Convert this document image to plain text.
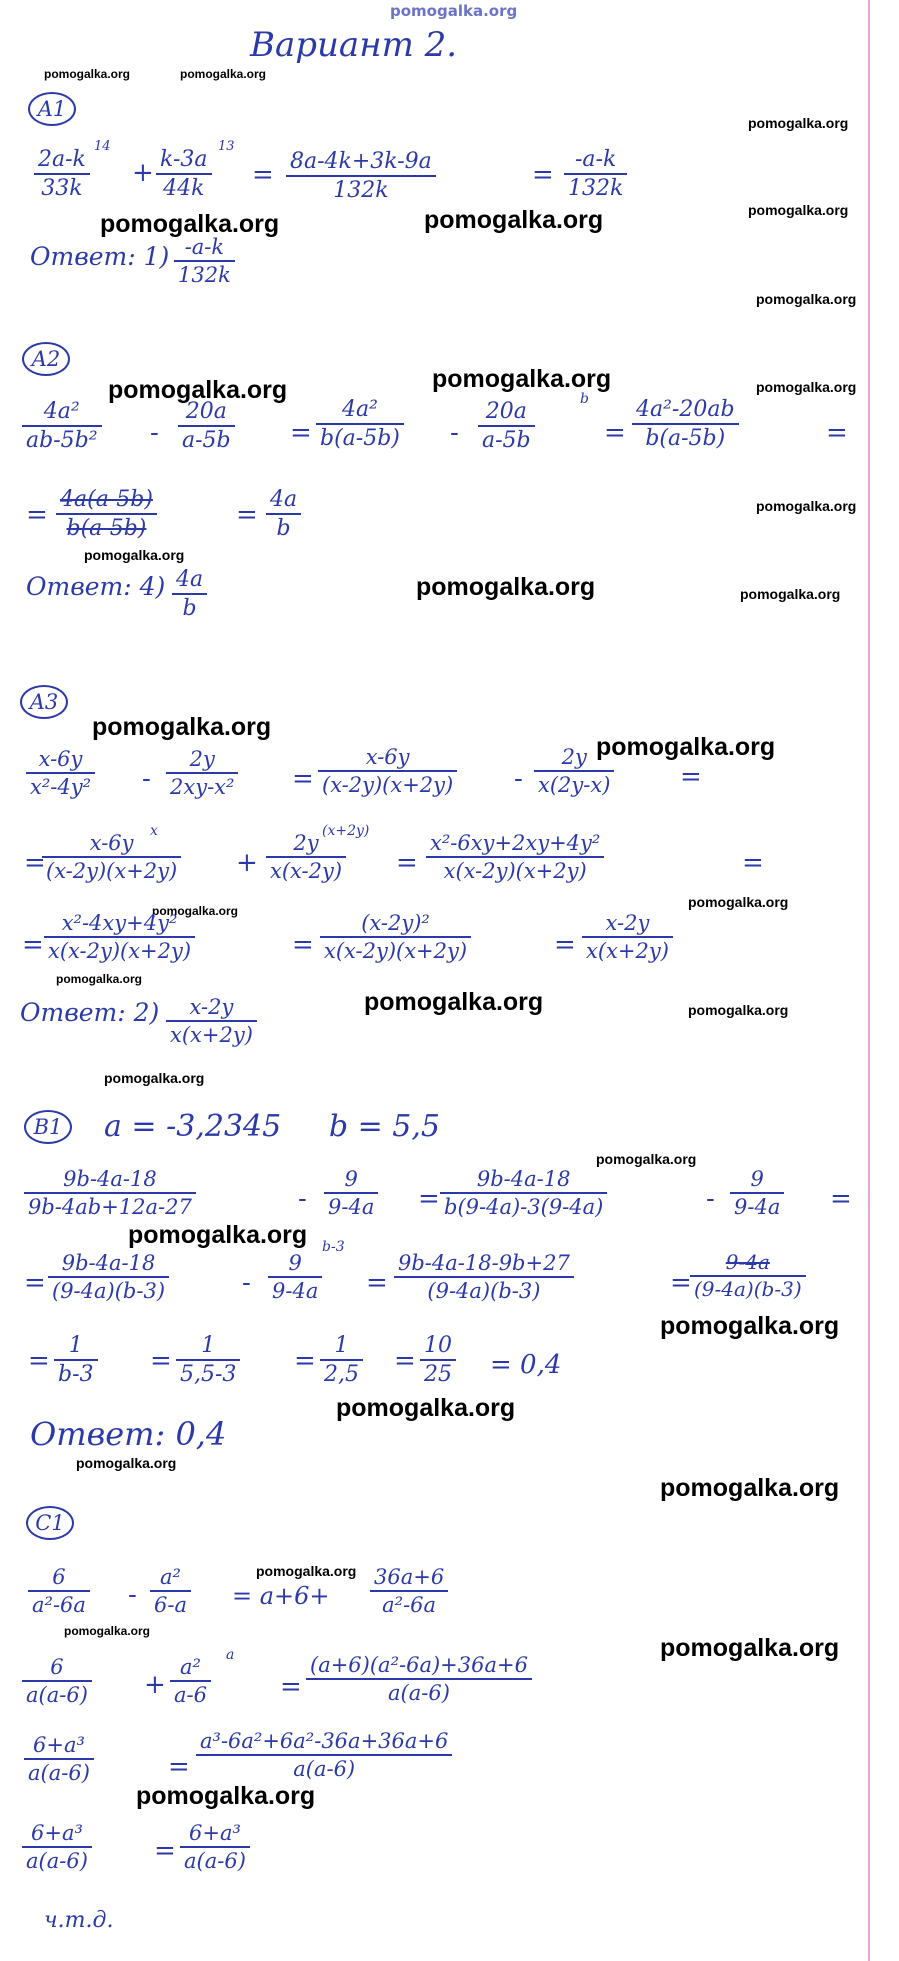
pomogalka.org
Вариант 2.
pomogalka.org	pomogalka.org
pomogalka.org
pomogalka.org
pomogalka.org	pomogalka.org
pomogalka.org
pomogalka.org
pomogalka.org	pomogalka.org
pomogalka.org
pomogalka.org
pomogalka.org	pomogalka.org
pomogalka.org
pomogalka.org
pomogalka.org
pomogalka.org
pomogalka.org
pomogalka.org	pomogalka.org
pomogalka.org
pomogalka.org
pomogalka.org
pomogalka.org
pomogalka.org
pomogalka.org
pomogalka.org
pomogalka.org
pomogalka.org
pomogalka.org
pomogalka.org
A1
$\frac{2a-k}{33k}$
14
+ $\frac{k-3a}{44k}$
13
= $\frac{8a-4k+3k-9a}{132k}$	= $\frac{-a-k}{132k}$
Ответ: $1) \frac{-a-k}{132k}$
A2
$\frac{\text{4a²}}{\text{ab-5b²}} - \frac{20a}{a-5b} = \frac{\text{4a²}}{b(a-5b)} - \frac{20a}{a-5b}$
b
= $\frac{\text{4a²-20ab}}{b(a-5b)}$	=
= $\frac{4a(a-5b)}{b(a-5b)}$	= $\frac{4a}{b}$
Ответ: $4) \frac{4a}{b}$
A3
$\frac{x-6y}{\text{x²-4y²}} - \frac{2y}{\text{2xy-x²}} = \frac{x-6y}{(x-2y)(x+2y)} - \frac{2y}{x(2y-x)}$	=
=
$\frac{x-6y}{(x-2y)(x+2y)}$
x
+ $\frac{2y}{x(x-2y)}$
(x+2y)
= $\frac{\text{x²-6xy+2xy+4y²}}{x(x-2y)(x+2y)}$	=
= $\frac{\text{x²-4xy+4y²}}{x(x-2y)(x+2y)}$	= $\frac{\text{(x-2y)²}}{x(x-2y)(x+2y)}$	= $\frac{x-2y}{x(x+2y)}$
Ответ: $2) \frac{x-2y}{x(x+2y)}$
B1	a = -3,2345     b = 5,5
$\frac{9b-4a-18}{9b-4ab+12a-27}$	- $\frac{9}{9-4a} = \frac{9b-4a-18}{b(9-4a)-3(9-4a)}$	- $\frac{9}{9-4a}$ =
= $\frac{9b-4a-18}{(9-4a)(b-3)}$	- $\frac{9}{9-4a}$
b-3
= $\frac{9b-4a-18-9b+27}{(9-4a)(b-3)}$	=
$\frac{9-4a}{(9-4a)(b-3)}$
= $\frac{1}{b-3} = \frac{1}{5,5-3} = \frac{1}{2,5} = \frac{10}{25} = 0,4$
Ответ: 0,4
C1
$\frac{6}{\text{a²-6a}} - \frac{\text{a²}}{6-a} = a+6+ \frac{36a+6}{\text{a²-6a}}$
$\frac{6}{a(a-6)} + \frac{\text{a²}}{a-6}$
a
= $\frac{\text{(a+6)(a²-6a)+36a+6}}{a(a-6)}$
$\frac{\text{6+a³}}{a(a-6)}$	= $\frac{\text{a³-6a²+6a²-36a+36a+6}}{a(a-6)}$
$\frac{\text{6+a³}}{a(a-6)} = \frac{\text{6+a³}}{a(a-6)}$
ч.т.д.
